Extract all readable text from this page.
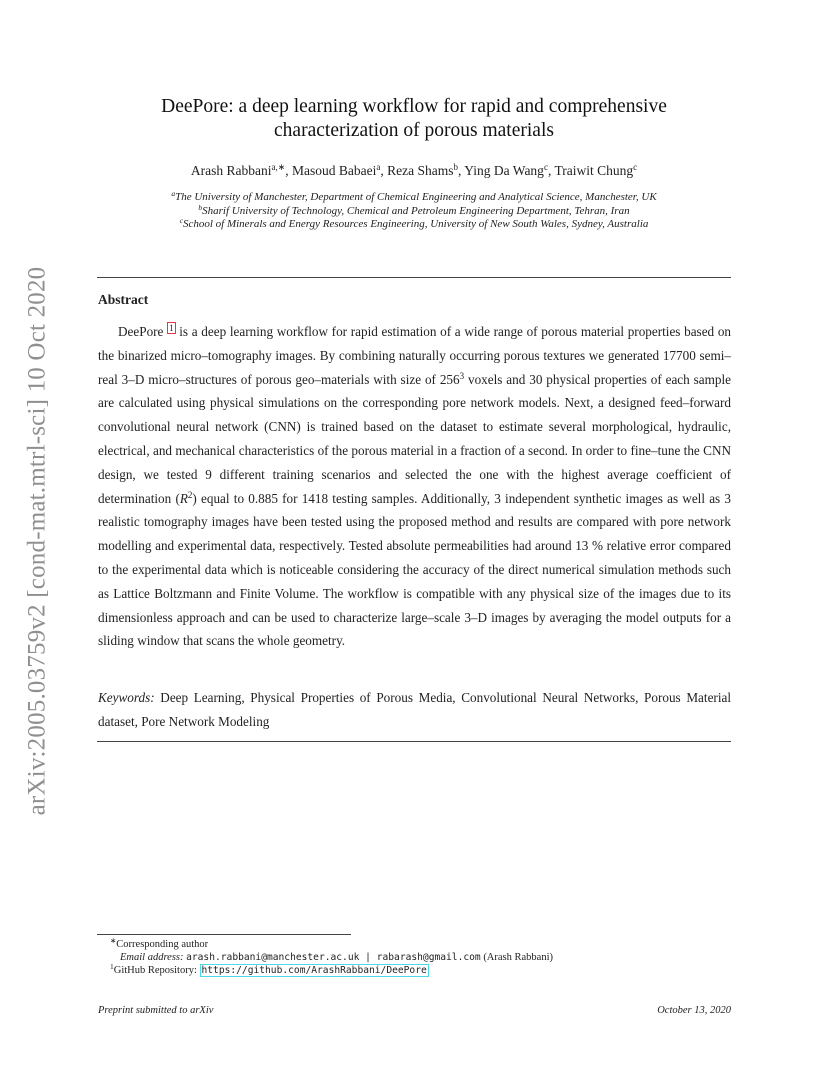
arXiv:2005.03759v2 [cond-mat.mtrl-sci] 10 Oct 2020
DeePore: a deep learning workflow for rapid and comprehensive
characterization of porous materials
Arash Rabbani$^{a,∗}$, Masoud Babaei$^a$, Reza Shams$^b$, Ying Da Wang$^c$, Traiwit Chung$^c$
$^a$The University of Manchester, Department of Chemical Engineering and Analytical Science, Manchester, UK
$^b$Sharif University of Technology, Chemical and Petroleum Engineering Department, Tehran, Iran
$^c$School of Minerals and Energy Resources Engineering, University of New South Wales, Sydney, Australia
Abstract

DeePore 1 is a deep learning workflow for rapid estimation of a wide range of porous material properties based on the binarized micro–tomography images. By combining naturally occurring porous textures we generated 17700 semi–real 3–D micro–structures of porous geo–materials with size of $256^3$ voxels and 30 physical properties of each sample are calculated using physical simulations on the corresponding pore network models. Next, a designed feed–forward convolutional neural network (CNN) is trained based on the dataset to estimate several morphological, hydraulic, electrical, and mechanical characteristics of the porous material in a fraction of a second. In order to fine–tune the CNN design, we tested 9 different training scenarios and selected the one with the highest average coefficient of determination $(R^2)$ equal to 0.885 for 1418 testing samples. Additionally, 3 independent synthetic images as well as 3 realistic tomography images have been tested using the proposed method and results are compared with pore network modelling and experimental data, respectively. Tested absolute permeabilities had around 13 % relative error compared to the experimental data which is noticeable considering the accuracy of the direct numerical simulation methods such as Lattice Boltzmann and Finite Volume. The workflow is compatible with any physical size of the images due to its dimensionless approach and can be used to characterize large–scale 3–D images by averaging the model outputs for a sliding window that scans the whole geometry.

Keywords: Deep Learning, Physical Properties of Porous Media, Convolutional Neural Networks, Porous Material dataset, Pore Network Modeling
∗Corresponding author
Email address: arash.rabbani@manchester.ac.uk | rabarash@gmail.com (Arash Rabbani)
$^1$GitHub Repository: https://github.com/ArashRabbani/DeePore
Preprint submitted to arXiv	October 13, 2020
